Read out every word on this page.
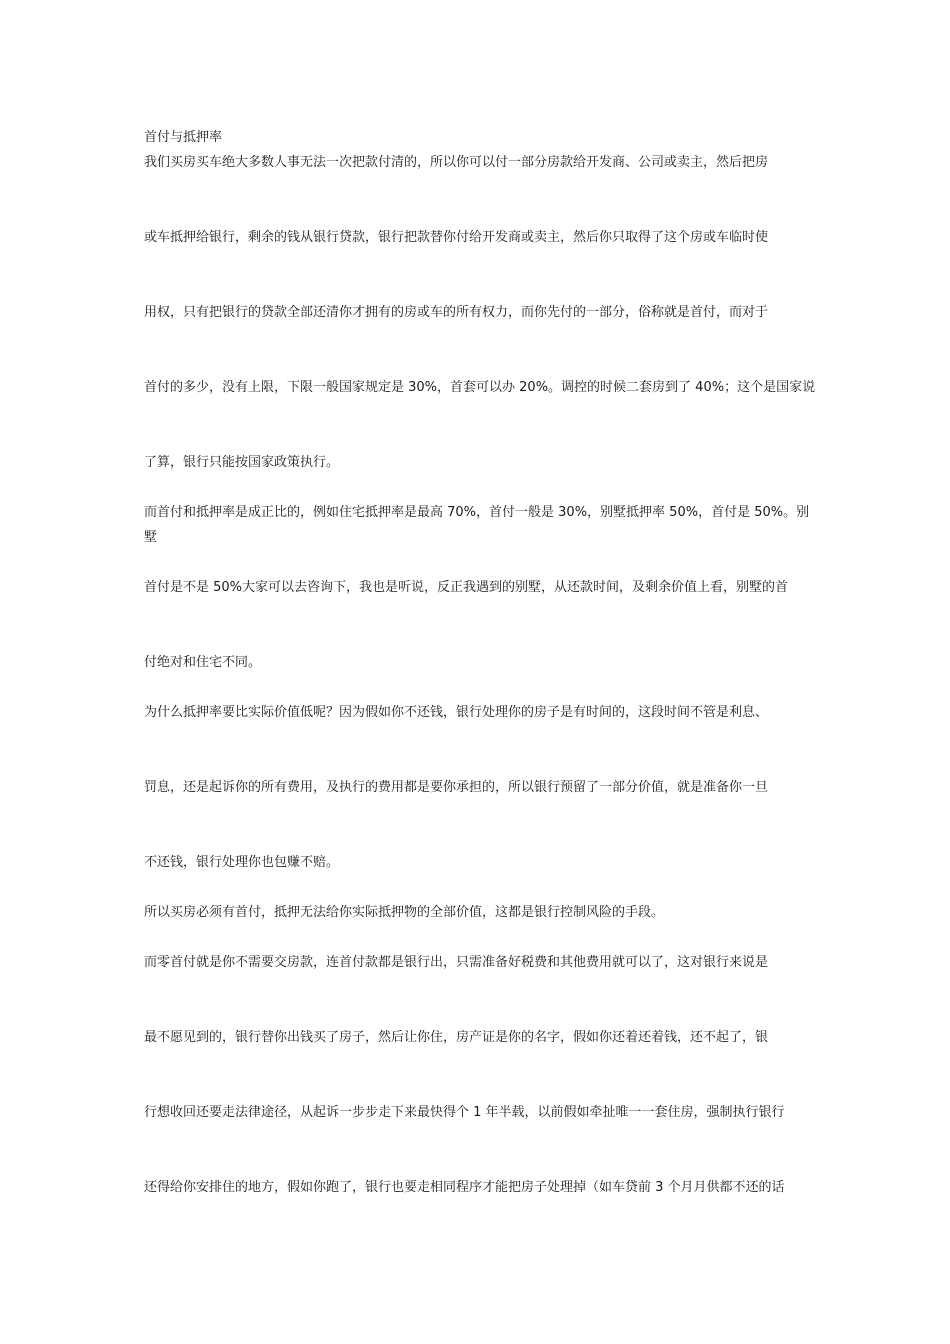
首付与抵押率
我们买房买车绝大多数人事无法一次把款付清的，所以你可以付一部分房款给开发商、公司或卖主，然后把房
或车抵押给银行，剩余的钱从银行贷款，银行把款替你付给开发商或卖主，然后你只取得了这个房或车临时使
用权，只有把银行的贷款全部还清你才拥有的房或车的所有权力，而你先付的一部分，俗称就是首付，而对于
首付的多少，没有上限，下限一般国家规定是 30%，首套可以办 20%。调控的时候二套房到了 40%；这个是国家说
了算，银行只能按国家政策执行。
而首付和抵押率是成正比的，例如住宅抵押率是最高 70%，首付一般是 30%，别墅抵押率 50%，首付是 50%。别墅
首付是不是 50%大家可以去咨询下，我也是听说，反正我遇到的别墅，从还款时间，及剩余价值上看，别墅的首
付绝对和住宅不同。
为什么抵押率要比实际价值低呢？因为假如你不还钱，银行处理你的房子是有时间的，这段时间不管是利息、
罚息，还是起诉你的所有费用，及执行的费用都是要你承担的，所以银行预留了一部分价值，就是准备你一旦
不还钱，银行处理你也包赚不赔。
所以买房必须有首付，抵押无法给你实际抵押物的全部价值，这都是银行控制风险的手段。
而零首付就是你不需要交房款，连首付款都是银行出，只需准备好税费和其他费用就可以了，这对银行来说是
最不愿见到的，银行替你出钱买了房子，然后让你住，房产证是你的名字，假如你还着还着钱，还不起了，银
行想收回还要走法律途径，从起诉一步步走下来最快得个 1 年半载，以前假如牵扯唯一一套住房，强制执行银行
还得给你安排住的地方，假如你跑了，银行也要走相同程序才能把房子处理掉（如车贷前 3 个月月供都不还的话
